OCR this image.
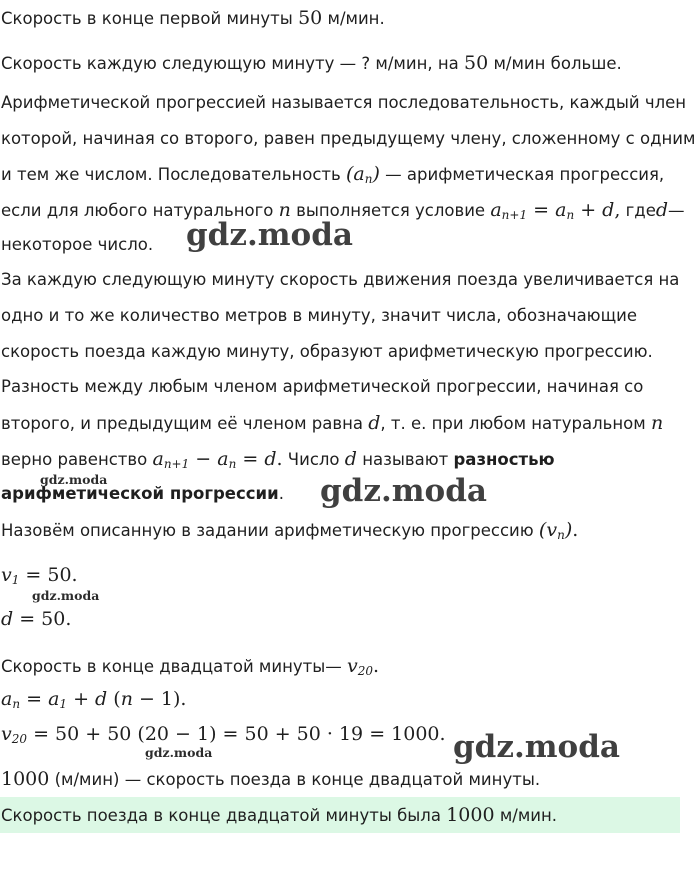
Скорость в конце первой минуты 50 м/мин.
Скорость каждую следующую минуту — ? м/мин, на 50 м/мин больше.
Арифметической прогрессией называется последовательность, каждый член
которой, начиная со второго, равен предыдущему члену, сложенному с одним
и тем же числом. Последовательность $(a_n)$ — арифметическая прогрессия,
если для любого натурального n выполняется условие $a_{n+1} = a_n + d$, гдеd—
некоторое число.
За каждую следующую минуту скорость движения поезда увеличивается на
одно и то же количество метров в минуту, значит числа, обозначающие
скорость поезда каждую минуту, образуют арифметическую прогрессию.
Разность между любым членом арифметической прогрессии, начиная со
второго, и предыдущим её членом равна d, т. е. при любом натуральном n
верно равенство $a_{n+1} - a_n = d$. Число d называют разностью
арифметической прогрессии.
Назовём описанную в задании арифметическую прогрессию $(v_n)$.
$v_1 = 50$.
d = 50.
Скорость в конце двадцатой минуты— $v_{20}$.
$a_n = a_1 + d$ (n − 1).
$v_{20} = 50 + 50$ (20 − 1) = 50 + 50 · 19 = 1000.
1000 (м/мин) — скорость поезда в конце двадцатой минуты.
Скорость поезда в конце двадцатой минуты была 1000 м/мин.
gdz.moda
gdz.moda	gdz.moda
gdz.moda
gdz.moda	gdz.moda
